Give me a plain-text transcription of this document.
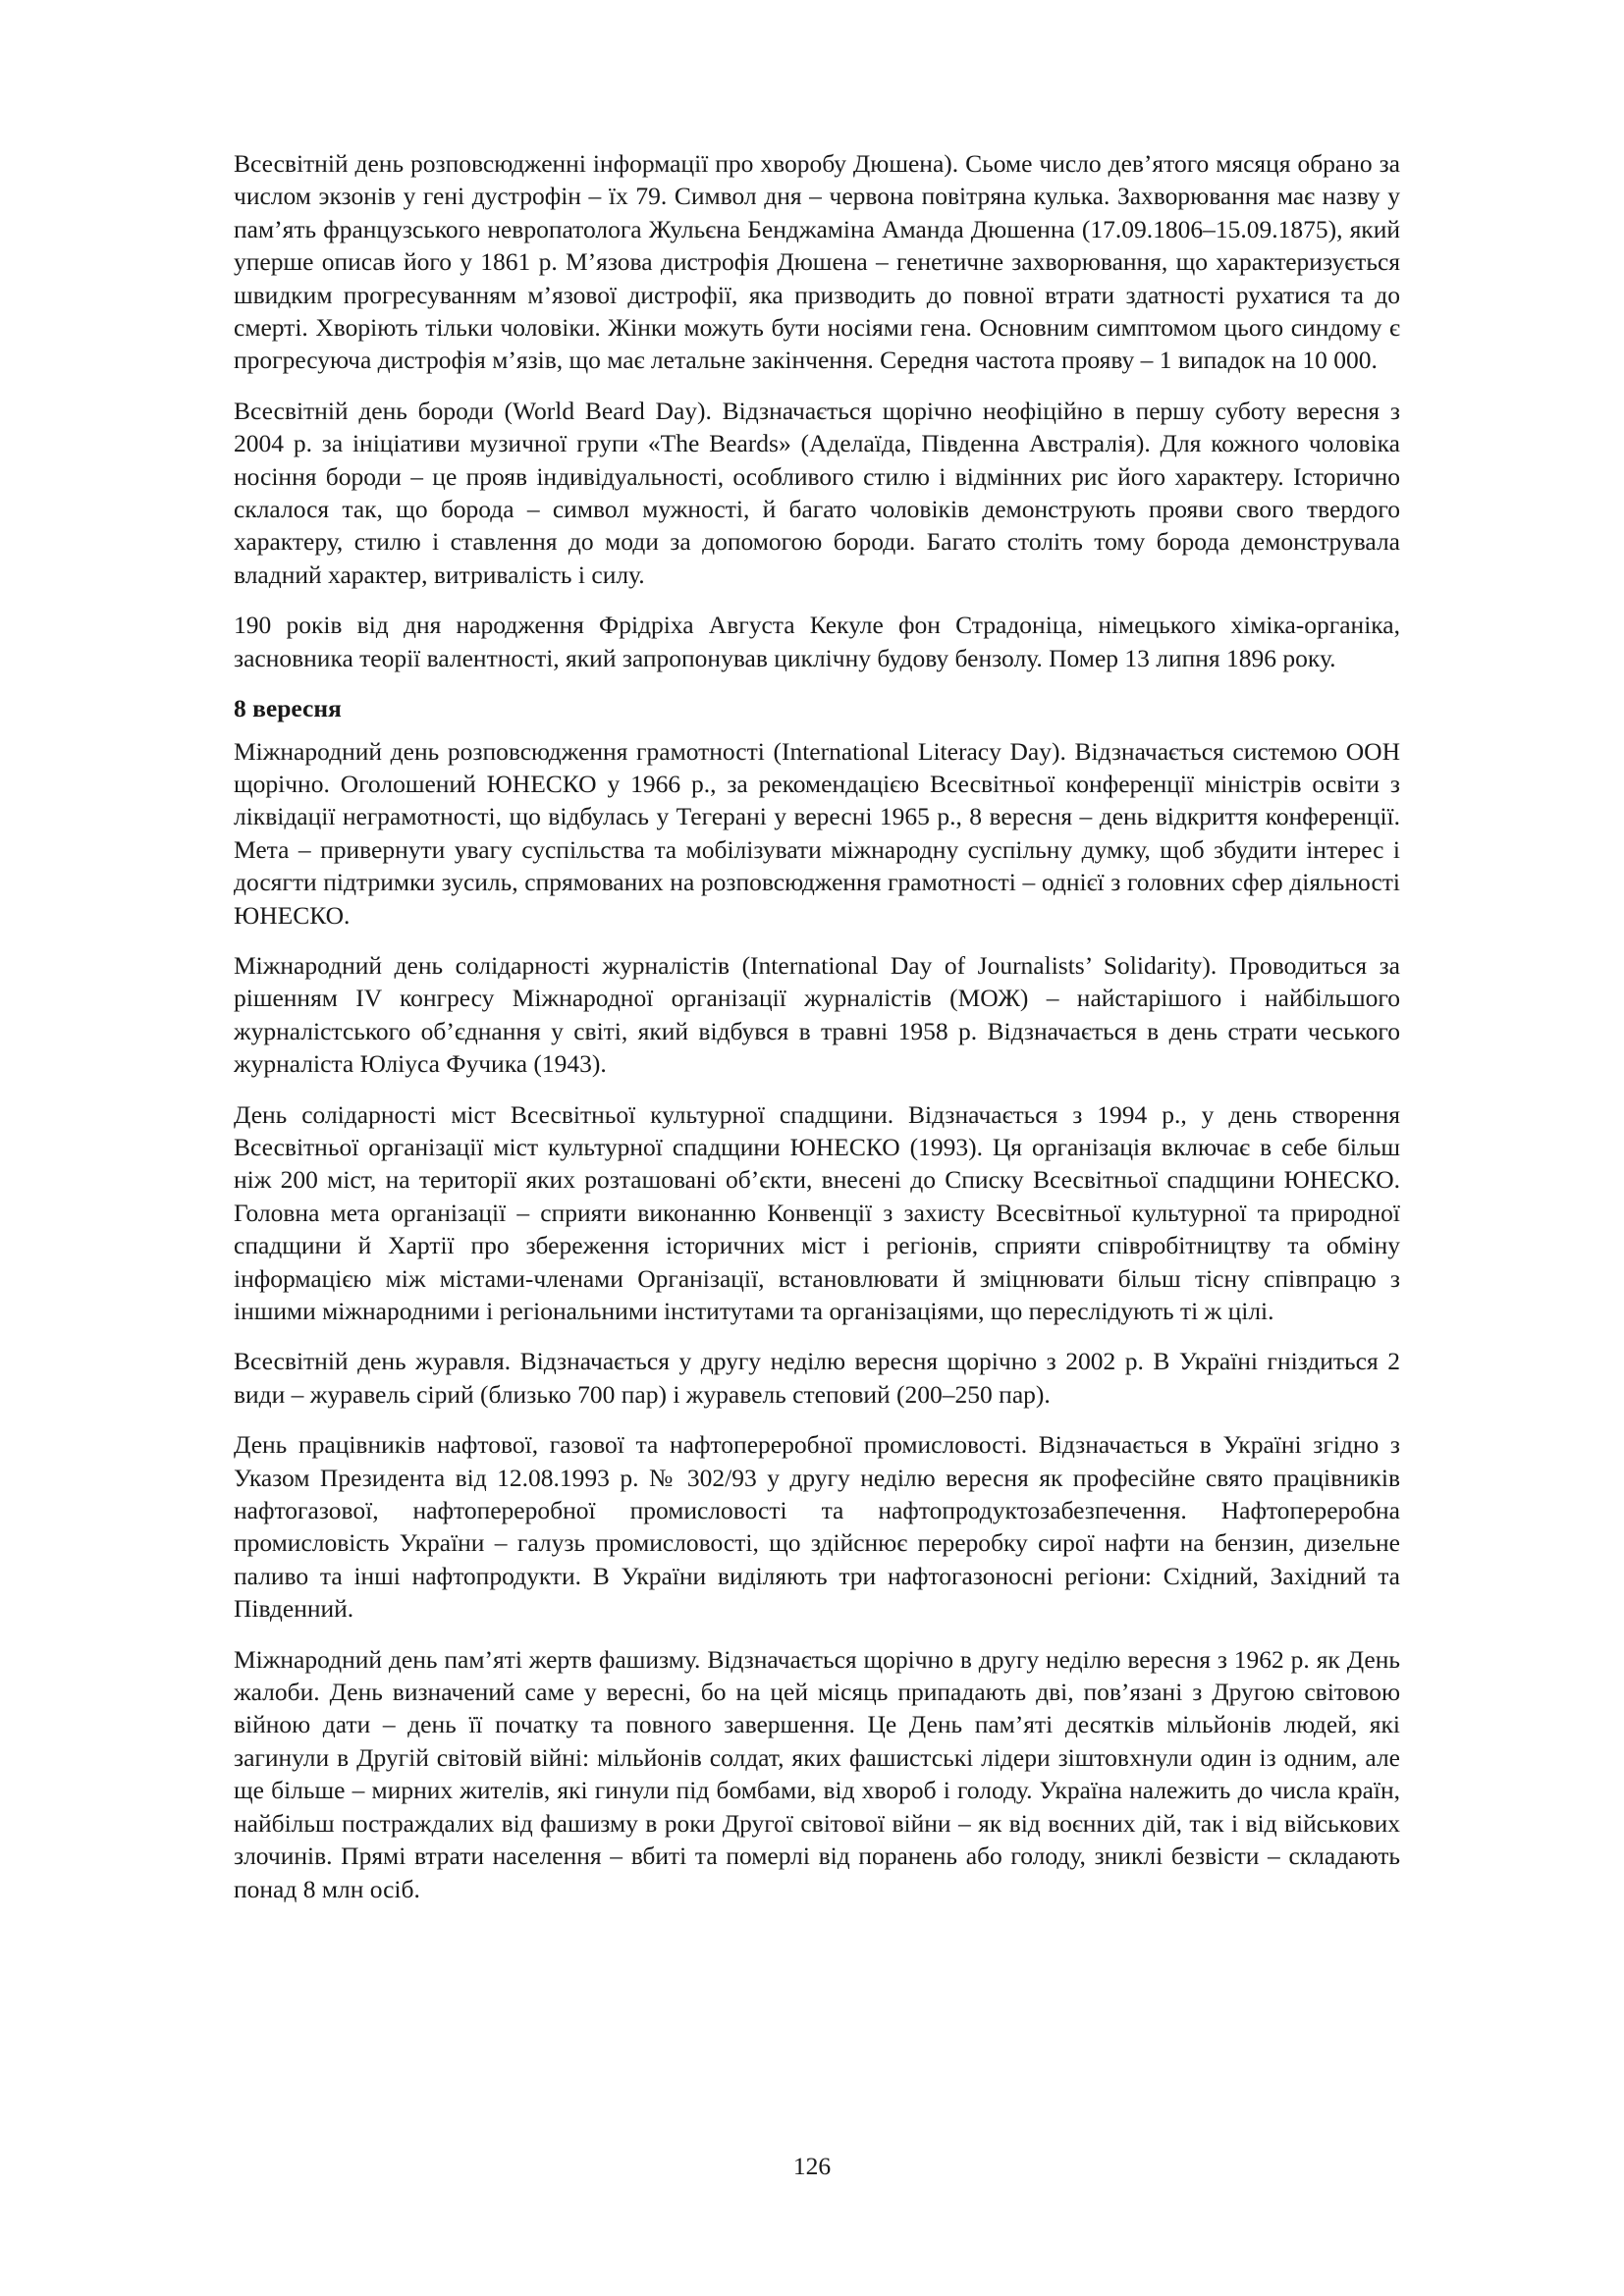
Всесвітній день розповсюдженні інформації про хворобу Дюшена). Сьоме число дев’ятого мясяця обрано за числом экзонів у гені дустрофін – їх 79. Символ дня – червона повітряна кулька. Захворювання має назву у пам’ять французського невропатолога Жульєна Бенджаміна Аманда Дюшенна (17.09.1806–15.09.1875), який уперше описав його у 1861 р. М’язова дистрофія Дюшена – генетичне захворювання, що характеризується швидким прогресуванням м’язової дистрофії, яка призводить до повної втрати здатності рухатися та до смерті. Хворіють тільки чоловіки. Жінки можуть бути носіями гена. Основним симптомом цього синдому є прогресуюча дистрофія м’язів, що має летальне закінчення. Середня частота прояву – 1 випадок на 10 000.

Всесвітній день бороди (World Beard Day). Відзначається щорічно неофіційно в першу суботу вересня з 2004 р. за ініціативи музичної групи «The Beards» (Аделаїда, Південна Австралія). Для кожного чоловіка носіння бороди – це прояв індивідуальності, особливого стилю і відмінних рис його характеру. Історично склалося так, що борода – символ мужності, й багато чоловіків демонструють прояви свого твердого характеру, стилю і ставлення до моди за допомогою бороди. Багато століть тому борода демонструвала владний характер, витривалість і силу.

190 років від дня народження Фрідріха Августа Кекуле фон Страдоніца, німецького хіміка-органіка, засновника теорії валентності, який запропонував циклічну будову бензолу. Помер 13 липня 1896 року.

8 вересня

Міжнародний день розповсюдження грамотності (International Literacy Day). Відзначається системою ООН щорічно. Оголошений ЮНЕСКО у 1966 р., за рекомендацією Всесвітньої конференції міністрів освіти з ліквідації неграмотності, що відбулась у Тегерані у вересні 1965 р., 8 вересня – день відкриття конференції. Мета – привернути увагу суспільства та мобілізувати міжнародну суспільну думку, щоб збудити інтерес і досягти підтримки зусиль, спрямованих на розповсюдження грамотності – однієї з головних сфер діяльності ЮНЕСКО.

Міжнародний день солідарності журналістів (International Day of Journalists’ Solidarity). Проводиться за рішенням IV конгресу Міжнародної організації журналістів (МОЖ) – найстарішого і найбільшого журналістського об’єднання у світі, який відбувся в травні 1958 р. Відзначається в день страти чеського журналіста Юліуса Фучика (1943).

День солідарності міст Всесвітньої культурної спадщини. Відзначається з 1994 р., у день створення Всесвітньої організації міст культурної спадщини ЮНЕСКО (1993). Ця організація включає в себе більш ніж 200 міст, на території яких розташовані об’єкти, внесені до Списку Всесвітньої спадщини ЮНЕСКО. Головна мета організації – сприяти виконанню Конвенції з захисту Всесвітньої культурної та природної спадщини й Хартії про збереження історичних міст і регіонів, сприяти співробітництву та обміну інформацією між містами-членами Організації, встановлювати й зміцнювати більш тісну співпрацю з іншими міжнародними і регіональними інститутами та організаціями, що переслідують ті ж цілі.

Всесвітній день журавля. Відзначається у другу неділю вересня щорічно з 2002 р. В Україні гніздиться 2 види – журавель сірий (близько 700 пар) і журавель степовий (200–250 пар).

День працівників нафтової, газової та нафтопереробної промисловості. Відзначається в Україні згідно з Указом Президента від 12.08.1993 р. № 302/93 у другу неділю вересня як професійне свято працівників нафтогазової, нафтопереробної промисловості та нафтопродуктозабезпечення. Нафтопереробна промисловість України – галузь промисловості, що здійснює переробку сирої нафти на бензин, дизельне паливо та інші нафтопродукти. В України виділяють три нафтогазоносні регіони: Східний, Західний та Південний.

Міжнародний день пам’яті жертв фашизму. Відзначається щорічно в другу неділю вересня з 1962 р. як День жалоби. День визначений саме у вересні, бо на цей місяць припадають дві, пов’язані з Другою світовою війною дати – день її початку та повного завершення. Це День пам’яті десятків мільйонів людей, які загинули в Другій світовій війні: мільйонів солдат, яких фашистські лідери зіштовхнули один із одним, але ще більше – мирних жителів, які гинули під бомбами, від хвороб і голоду. Україна належить до числа країн, найбільш постраждалих від фашизму в роки Другої світової війни – як від воєнних дій, так і від військових злочинів. Прямі втрати населення – вбиті та померлі від поранень або голоду, зниклі безвісти – складають понад 8 млн осіб.

126
